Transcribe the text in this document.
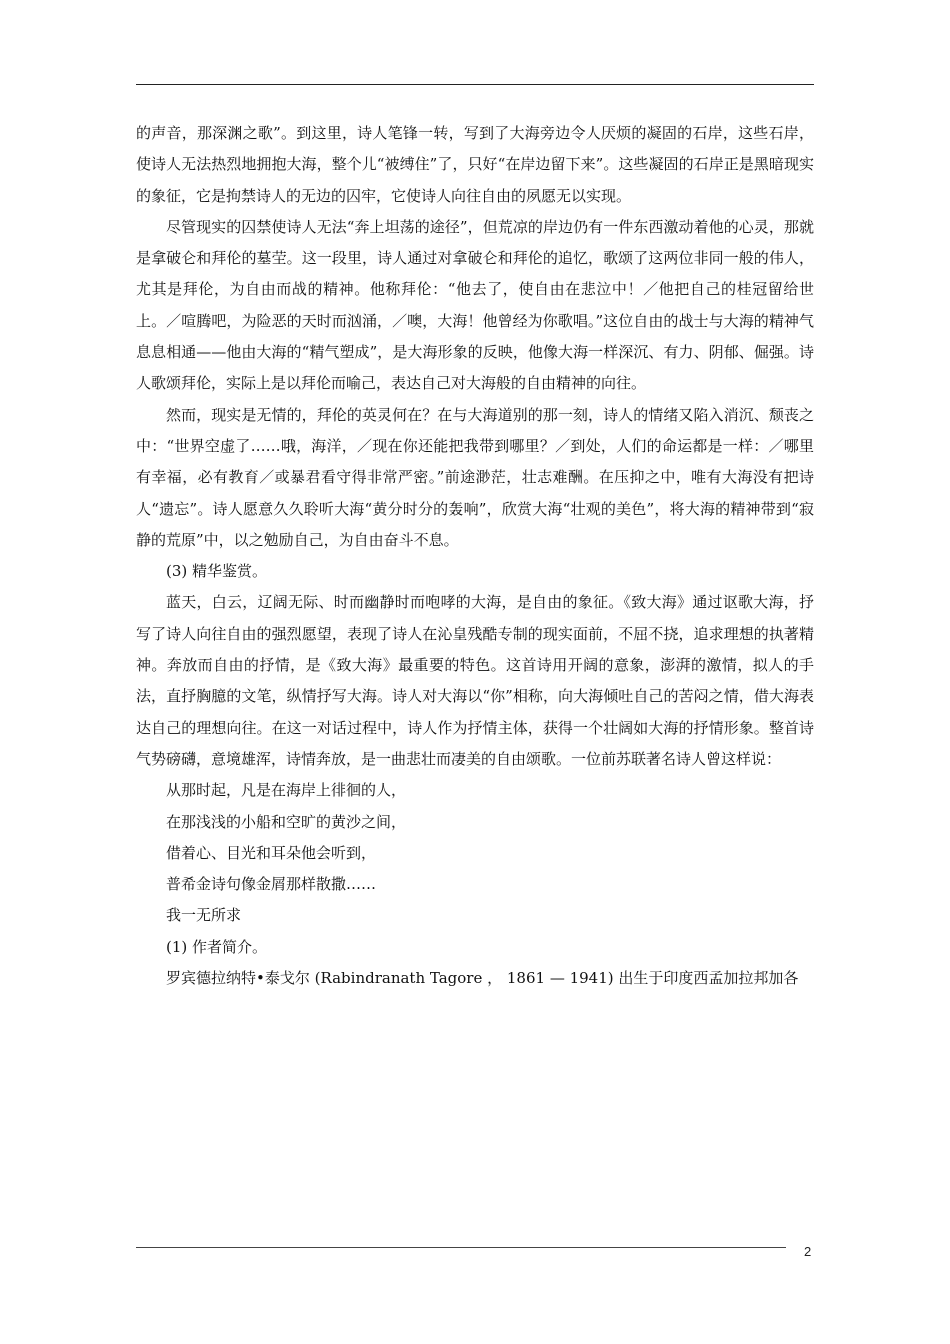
的声音，那深渊之歌”。到这里，诗人笔锋一转，写到了大海旁边令人厌烦的凝固的石岸，这些石岸，使诗人无法热烈地拥抱大海，整个儿“被缚住”了，只好“在岸边留下来”。这些凝固的石岸正是黑暗现实的象征，它是拘禁诗人的无边的囚牢，它使诗人向往自由的夙愿无以实现。

尽管现实的囚禁使诗人无法“奔上坦荡的途径”，但荒凉的岸边仍有一件东西激动着他的心灵，那就是拿破仑和拜伦的墓茔。这一段里，诗人通过对拿破仑和拜伦的追忆，歌颂了这两位非同一般的伟人，尤其是拜伦，为自由而战的精神。他称拜伦：“他去了，使自由在悲泣中！／他把自己的桂冠留给世上。／喧腾吧，为险恶的天时而汹涌，／噢，大海！他曾经为你歌唱。”这位自由的战士与大海的精神气息息相通——他由大海的“精气塑成”，是大海形象的反映，他像大海一样深沉、有力、阴郁、倔强。诗人歌颂拜伦，实际上是以拜伦而喻己，表达自己对大海般的自由精神的向往。

然而，现实是无情的，拜伦的英灵何在？在与大海道别的那一刻，诗人的情绪又陷入消沉、颓丧之中：“世界空虚了……哦，海洋，／现在你还能把我带到哪里？／到处，人们的命运都是一样：／哪里有幸福，必有教育／或暴君看守得非常严密。”前途渺茫，壮志难酬。在压抑之中，唯有大海没有把诗人“遗忘”。诗人愿意久久聆听大海“黄分时分的轰响”，欣赏大海“壮观的美色”，将大海的精神带到“寂静的荒原”中，以之勉励自己，为自由奋斗不息。

(3) 精华鉴赏。

蓝天，白云，辽阔无际、时而幽静时而咆哮的大海，是自由的象征。《致大海》通过讴歌大海，抒写了诗人向往自由的强烈愿望，表现了诗人在沁皇残酷专制的现实面前，不屈不挠，追求理想的执著精神。奔放而自由的抒情，是《致大海》最重要的特色。这首诗用开阔的意象，澎湃的激情，拟人的手法，直抒胸臆的文笔，纵情抒写大海。诗人对大海以“你”相称，向大海倾吐自己的苦闷之情，借大海表达自己的理想向往。在这一对话过程中，诗人作为抒情主体，获得一个壮阔如大海的抒情形象。整首诗气势磅礴，意境雄浑，诗情奔放，是一曲悲壮而凄美的自由颂歌。一位前苏联著名诗人曾这样说：

从那时起，凡是在海岸上徘徊的人，

在那浅浅的小船和空旷的黄沙之间，

借着心、目光和耳朵他会听到，

普希金诗句像金屑那样散撒……

我一无所求

(1) 作者简介。

罗宾德拉纳特•泰戈尔 (Rabindranath Tagore ， 1861 — 1941) 出生于印度西孟加拉邦加各

2
